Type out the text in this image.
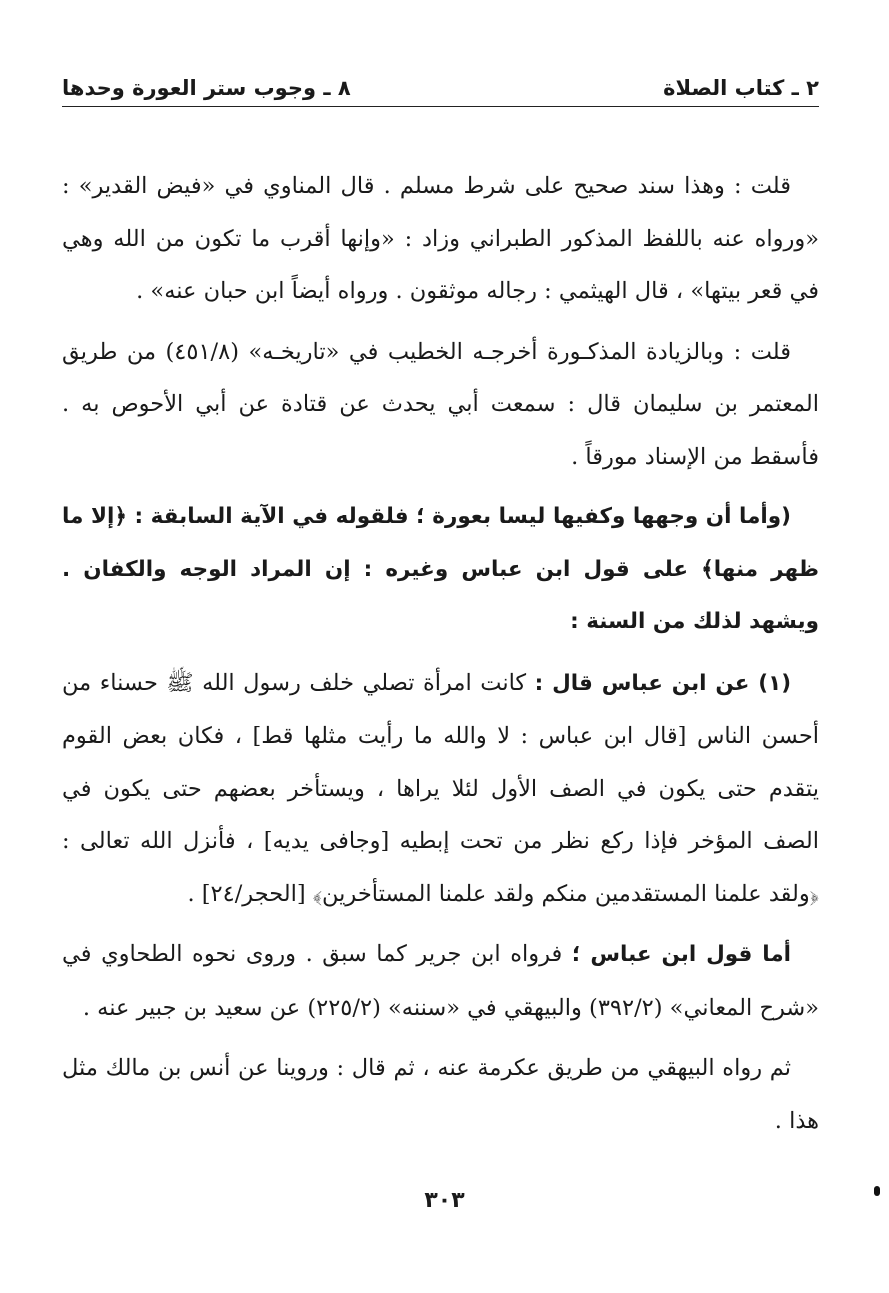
٢ ـ كتاب الصلاة
٨ ـ وجوب ستر العورة وحدها

قلت : وهذا سند صحيح على شرط مسلم . قال المناوي في «فيض القدير» : «ورواه عنه باللفظ المذكور الطبراني وزاد : «وإنها أقرب ما تكون من الله وهي في قعر بيتها» ، قال الهيثمي : رجاله موثقون . ورواه أيضاً ابن حبان عنه» .

قلت : وبالزيادة المذكـورة أخرجـه الخطيب في «تاريخـه» (٤٥١/٨) من طريق المعتمر بن سليمان قال : سمعت أبي يحدث عن قتادة عن أبي الأحوص به . فأسقط من الإسناد مورقاً .

(وأما أن وجهها وكفيها ليسا بعورة ؛ فلقوله في الآية السابقة : ﴿إلا ما ظهر منها﴾ على قول ابن عباس وغيره : إن المراد الوجه والكفان . ويشهد لذلك من السنة :

(١) عن ابن عباس قال : كانت امرأة تصلي خلف رسول الله ﷺ حسناء من أحسن الناس [قال ابن عباس : لا والله ما رأيت مثلها قط] ، فكان بعض القوم يتقدم حتى يكون في الصف الأول لئلا يراها ، ويستأخر بعضهم حتى يكون في الصف المؤخر فإذا ركع نظر من تحت إبطيه [وجافى يديه] ، فأنزل الله تعالى : ﴿ولقد علمنا المستقدمين منكم ولقد علمنا المستأخرين﴾ [الحجر/٢٤] .

أما قول ابن عباس ؛ فرواه ابن جرير كما سبق . وروى نحوه الطحاوي في «شرح المعاني» (٣٩٢/٢) والبيهقي في «سننه» (٢٢٥/٢) عن سعيد بن جبير عنه .

ثم رواه البيهقي من طريق عكرمة عنه ، ثم قال : وروينا عن أنس بن مالك مثل هذا .

٣٠٣
